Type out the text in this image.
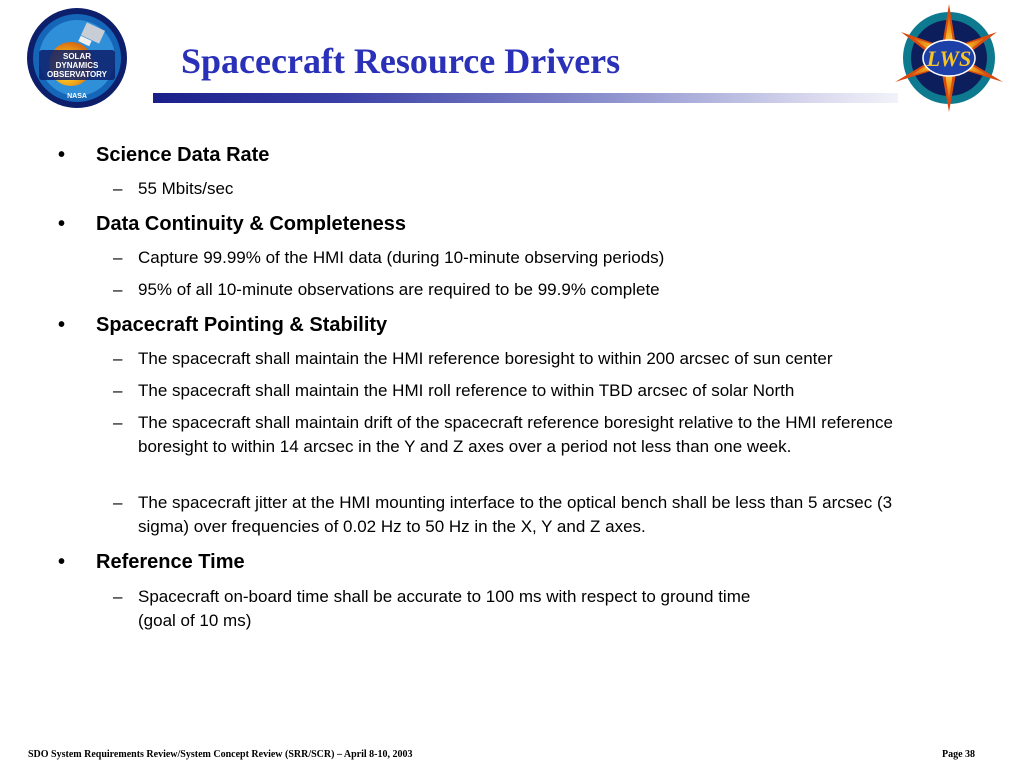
SOLAR
DYNAMICS
OBSERVATORY
NASA
LWS
Spacecraft Resource Drivers
•	Science Data Rate
– 55 Mbits/sec
•	Data Continuity & Completeness
– Capture 99.99% of the HMI data (during 10-minute observing periods)
– 95% of all 10-minute observations are required to be 99.9% complete
•	Spacecraft Pointing & Stability
– The spacecraft shall maintain the HMI reference boresight to within 200 arcsec of sun center
– The spacecraft shall maintain the HMI roll reference to within TBD arcsec of solar North
– The spacecraft shall maintain drift of the spacecraft reference boresight relative to the HMI reference boresight to within 14 arcsec in the Y and Z axes over a period not less than one week.
– The spacecraft jitter at the HMI mounting interface to the optical bench shall be less than 5 arcsec (3 sigma) over frequencies of 0.02 Hz to 50 Hz in the X, Y and Z axes.
•	Reference Time
– Spacecraft on-board time shall be accurate to 100 ms with respect to ground time
(goal of 10 ms)
SDO System Requirements Review/System Concept Review (SRR/SCR) – April 8-10, 2003	Page 38
